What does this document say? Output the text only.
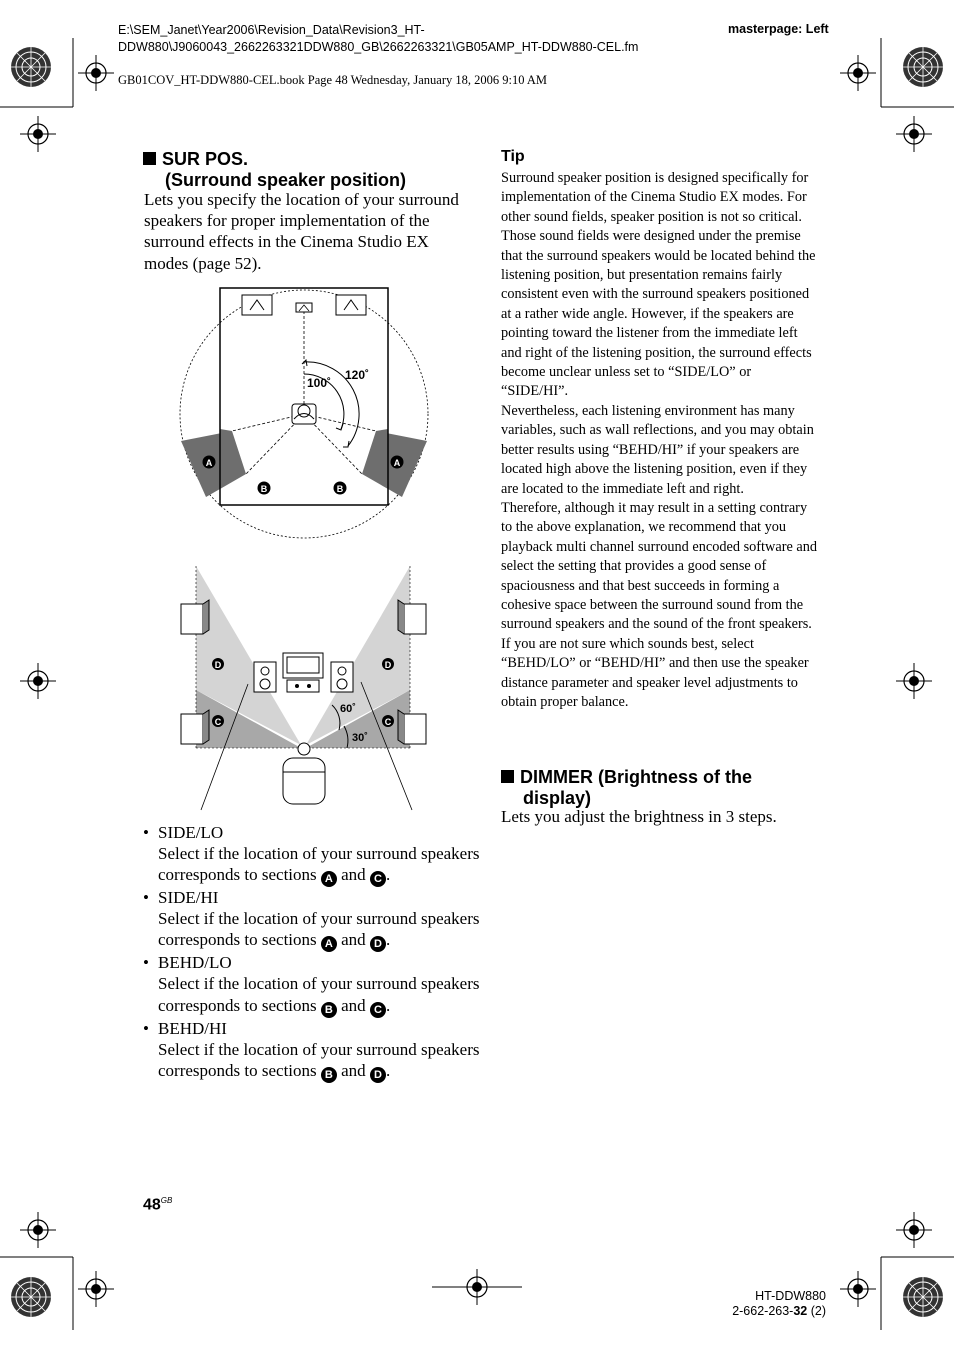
E:\SEM_Janet\Year2006\Revision_Data\Revision3_HT-
DDW880\J9060043_2662263321DDW880_GB\2662263321\GB05AMP_HT-DDW880-CEL.fm
masterpage: Left
GB01COV_HT-DDW880-CEL.book Page 48 Wednesday, January 18, 2006 9:10 AM
SUR POS.
(Surround speaker position)
Lets you specify the location of your surround speakers for proper implementation of the surround effects in the Cinema Studio EX modes (page 52).
100˚
120˚
A	A
B	B
60˚
30˚
D	D
C	C
• SIDE/LO
Select if the location of your surround speakers corresponds to sections A and C .
• SIDE/HI
Select if the location of your surround speakers corresponds to sections A and D .
• BEHD/LO
Select if the location of your surround speakers corresponds to sections B and C .
• BEHD/HI
Select if the location of your surround speakers corresponds to sections B and D .
Tip

Surround speaker position is designed specifically for implementation of the Cinema Studio EX modes. For other sound fields, speaker position is not so critical.

Those sound fields were designed under the premise that the surround speakers would be located behind the listening position, but presentation remains fairly consistent even with the surround speakers positioned at a rather wide angle. However, if the speakers are pointing toward the listener from the immediate left and right of the listening position, the surround effects become unclear unless set to “SIDE/LO” or “SIDE/HI”.

Nevertheless, each listening environment has many variables, such as wall reflections, and you may obtain better results using “BEHD/HI” if your speakers are located high above the listening position, even if they are located to the immediate left and right.

Therefore, although it may result in a setting contrary to the above explanation, we recommend that you playback multi channel surround encoded software and select the setting that provides a good sense of spaciousness and that best succeeds in forming a cohesive space between the surround sound from the surround speakers and the sound of the front speakers. If you are not sure which sounds best, select “BEHD/LO” or “BEHD/HI” and then use the speaker distance parameter and speaker level adjustments to obtain proper balance.

DIMMER (Brightness of the
display)
Lets you adjust the brightness in 3 steps.
$48^{GB}$
HT-DDW880
2-662-263-32 (2)
